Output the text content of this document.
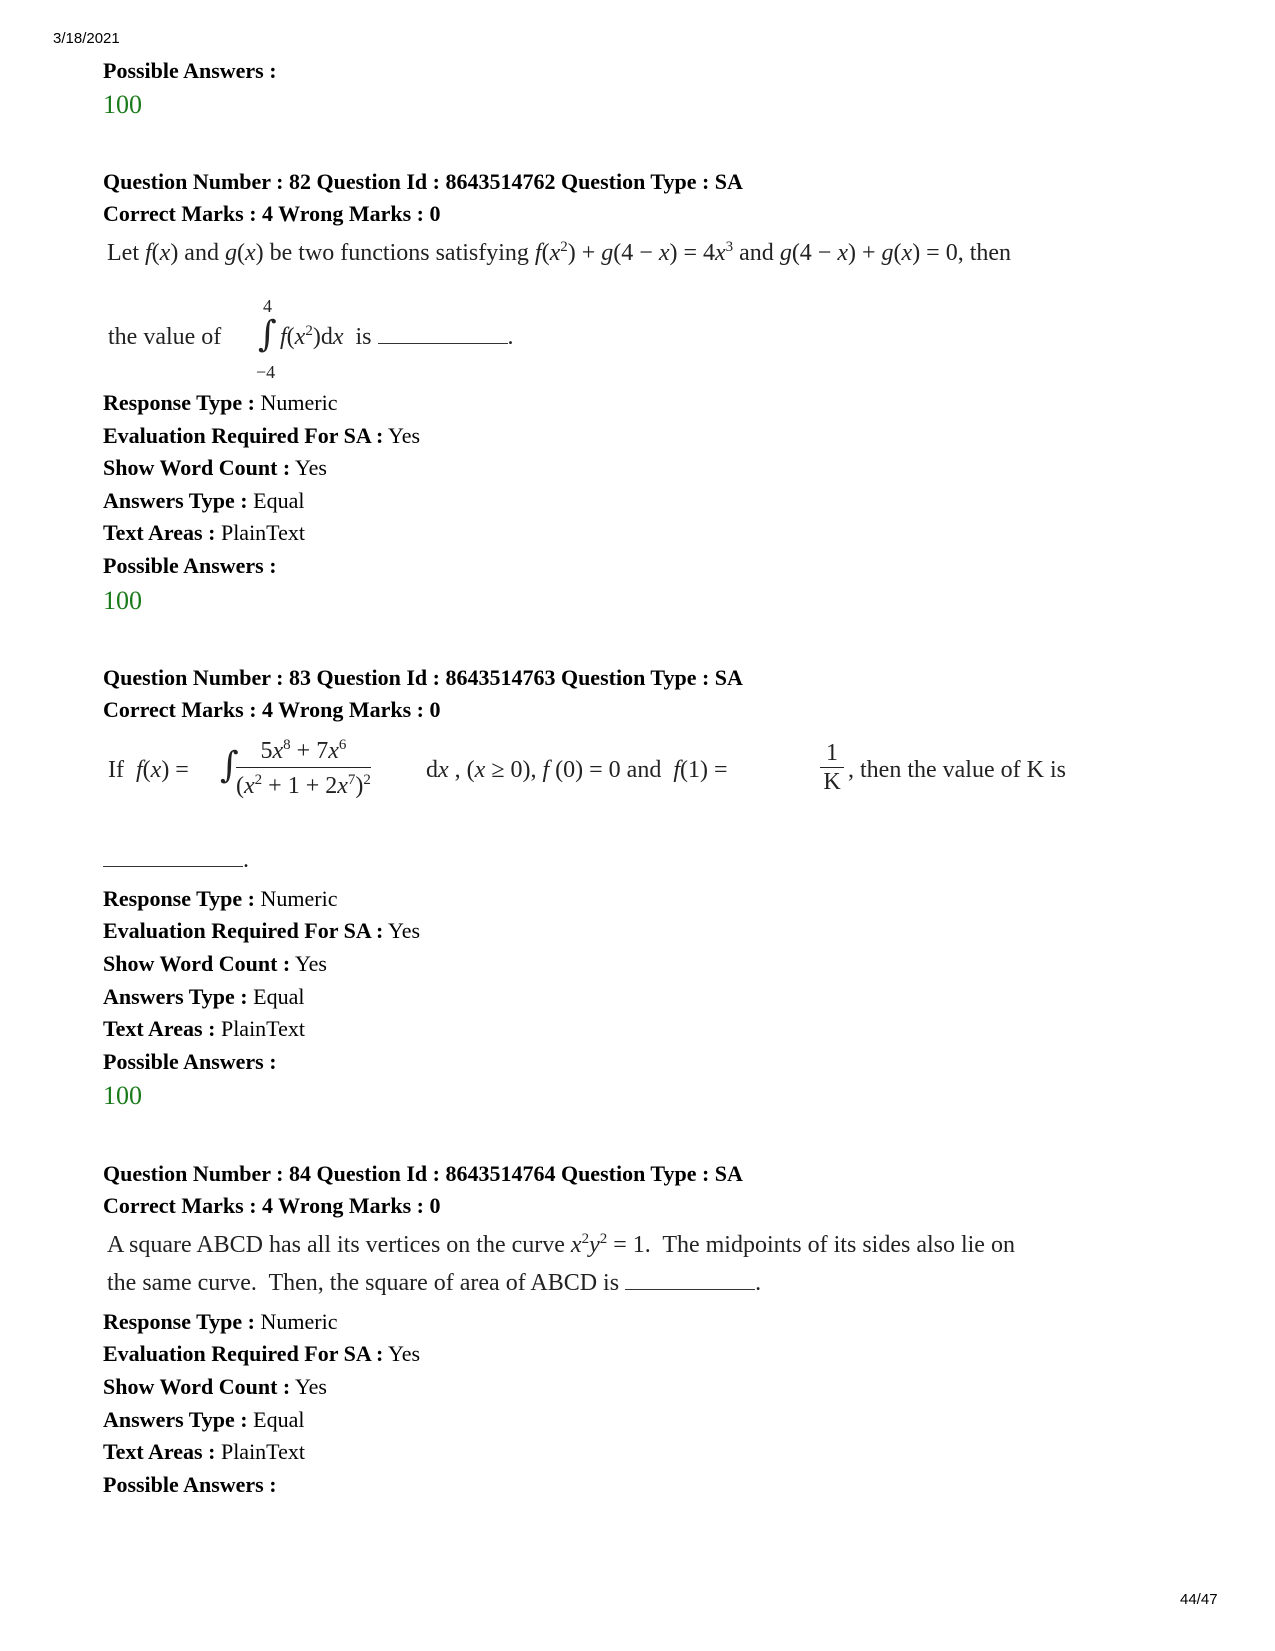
3/18/2021
Possible Answers :
100
Question Number : 82 Question Id : 8643514762 Question Type : SA
Correct Marks : 4 Wrong Marks : 0
Let f(x) and g(x) be two functions satisfying $f(x^2) + g(4 - x) = 4x^3$ and g(4 − x) + g(x) = 0, then
the value of
4
∫
−4
$f(x^2)dx$  is	.
Response Type : Numeric
Evaluation Required For SA : Yes
Show Word Count : Yes
Answers Type : Equal
Text Areas : PlainText
Possible Answers :
100
Question Number : 83 Question Id : 8643514763 Question Type : SA
Correct Marks : 4 Wrong Marks : 0
If  f(x) = ∫ $5x^8 + 7x^6$
$(x^2 + 1 + 2x^7)^2$ dx , (x ≥ 0), f (0) = 0 and  f(1) =
1
K , then the value of K is
.
Response Type : Numeric
Evaluation Required For SA : Yes
Show Word Count : Yes
Answers Type : Equal
Text Areas : PlainText
Possible Answers :
100
Question Number : 84 Question Id : 8643514764 Question Type : SA
Correct Marks : 4 Wrong Marks : 0
A square ABCD has all its vertices on the curve $x^2y^2 = 1$.  The midpoints of its sides also lie on
the same curve.  Then, the square of area of ABCD is	.
Response Type : Numeric
Evaluation Required For SA : Yes
Show Word Count : Yes
Answers Type : Equal
Text Areas : PlainText
Possible Answers :
44/47
